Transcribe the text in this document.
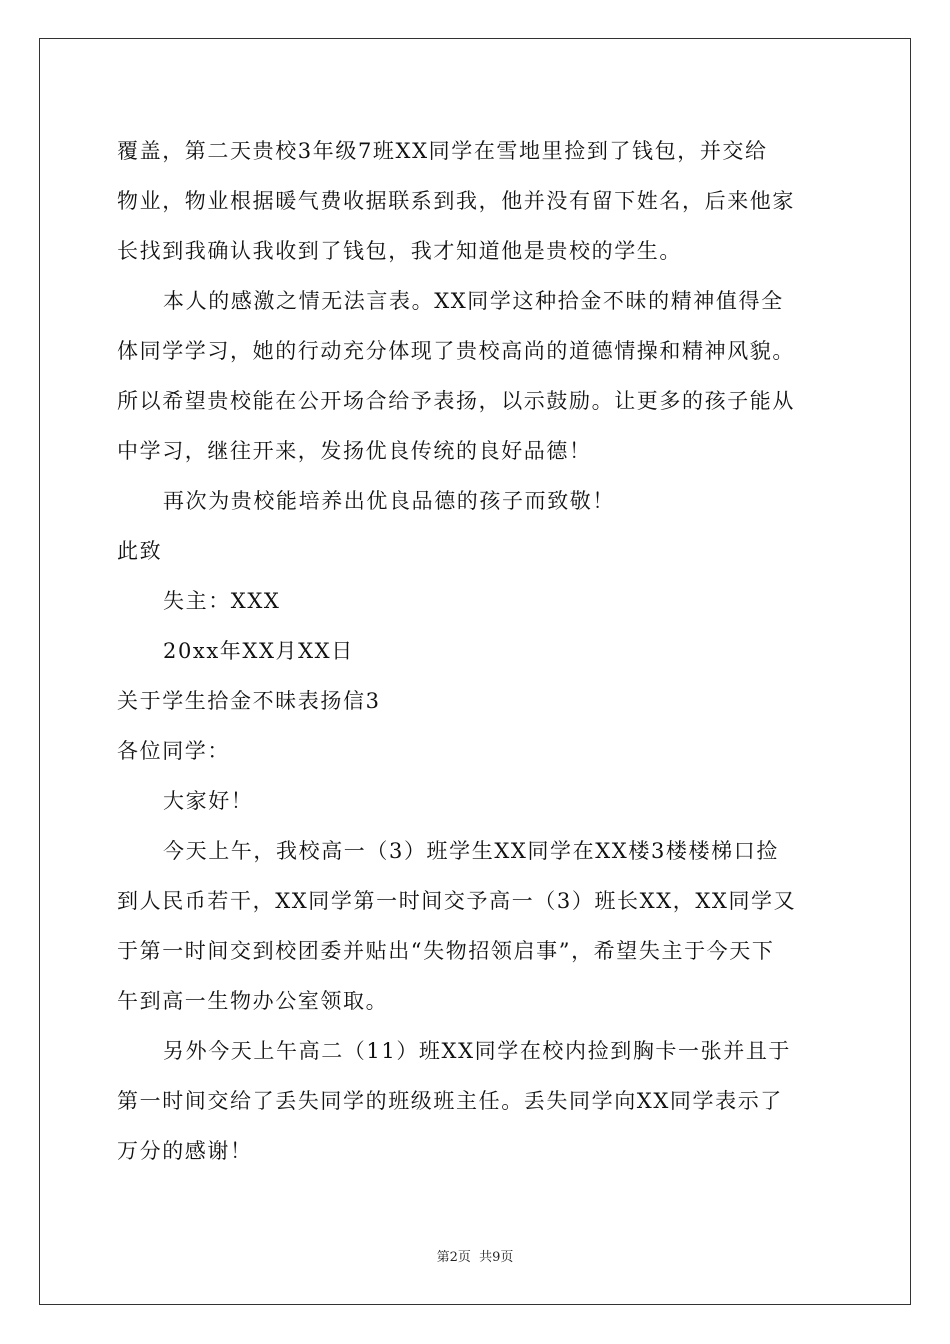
覆盖，第二天贵校3年级7班XX同学在雪地里捡到了钱包，并交给
物业，物业根据暖气费收据联系到我，他并没有留下姓名，后来他家
长找到我确认我收到了钱包，我才知道他是贵校的学生。
本人的感激之情无法言表。XX同学这种拾金不昧的精神值得全
体同学学习，她的行动充分体现了贵校高尚的道德情操和精神风貌。
所以希望贵校能在公开场合给予表扬，以示鼓励。让更多的孩子能从
中学习，继往开来，发扬优良传统的良好品德！
再次为贵校能培养出优良品德的孩子而致敬！
此致
失主：XXX
20xx年XX月XX日
关于学生拾金不昧表扬信3
各位同学：
大家好！
今天上午，我校高一（3）班学生XX同学在XX楼3楼楼梯口捡
到人民币若干，XX同学第一时间交予高一（3）班长XX，XX同学又
于第一时间交到校团委并贴出“失物招领启事”，希望失主于今天下
午到高一生物办公室领取。
另外今天上午高二（11）班XX同学在校内捡到胸卡一张并且于
第一时间交给了丢失同学的班级班主任。丢失同学向XX同学表示了
万分的感谢！
第2页 共9页
